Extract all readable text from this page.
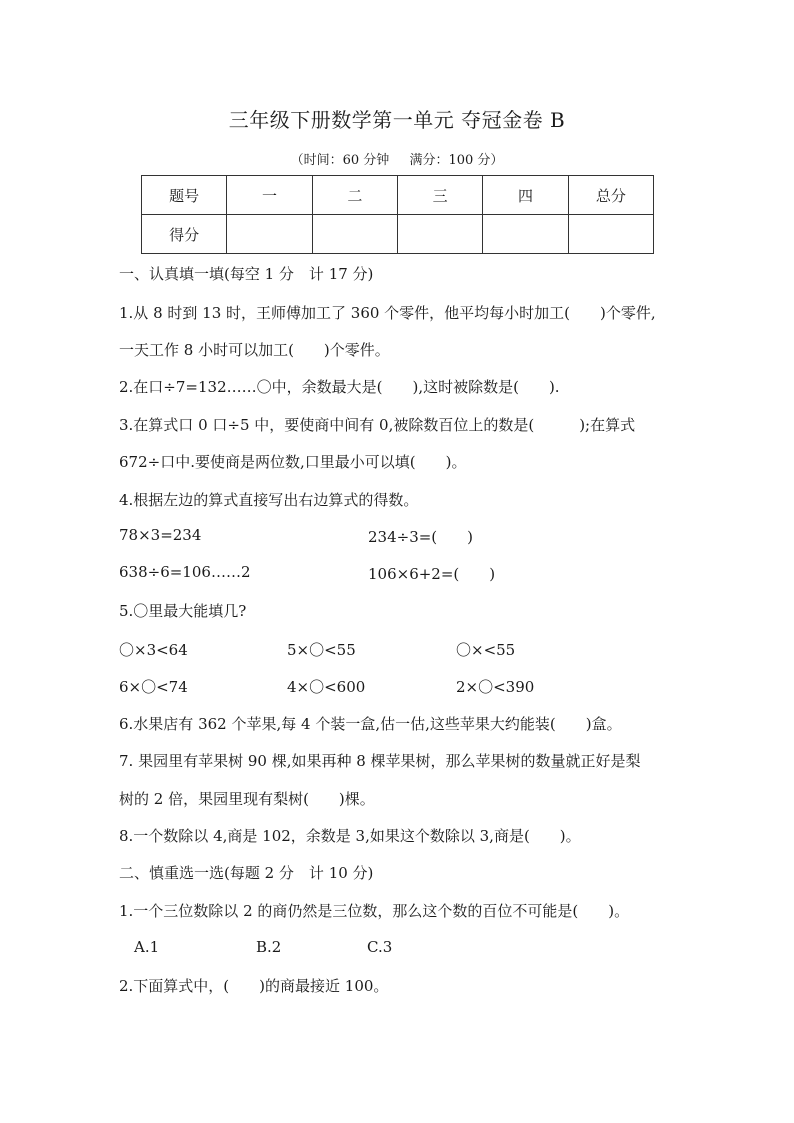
三年级下册数学第一单元 夺冠金卷 B
（时间：60 分钟 满分：100 分）
题号	一	二	三	四	总分
得分					
一、认真填一填(每空 1 分　计 17 分)
1.从 8 时到 13 时，王师傅加工了 360 个零件，他平均每小时加工(　　)个零件,
一天工作 8 小时可以加工(　　)个零件。
2.在口÷7=132……〇中，余数最大是(　　),这时被除数是(　　).
3.在算式口 0 口÷5 中，要使商中间有 0,被除数百位上的数是(　　　);在算式
672÷口中.要使商是两位数,口里最小可以填(　　)。
4.根据左边的算式直接写出右边算式的得数。
78×3=234	234÷3=(　　)
638÷6=106……2	106×6+2=(　　)
5.〇里最大能填几?
〇×3<64	5×〇<55	〇×<55
6×〇<74	4×〇<600	2×〇<390
6.水果店有 362 个苹果,每 4 个装一盒,估一估,这些苹果大约能装(　　)盒。
7. 果园里有苹果树 90 棵,如果再种 8 棵苹果树，那么苹果树的数量就正好是梨
树的 2 倍，果园里现有梨树(　　)棵。
8.一个数除以 4,商是 102，余数是 3,如果这个数除以 3,商是(　　)。
二、慎重选一选(每题 2 分　计 10 分)
1.一个三位数除以 2 的商仍然是三位数，那么这个数的百位不可能是(　　)。
A.1	B.2	C.3
2.下面算式中，(　　)的商最接近 100。
